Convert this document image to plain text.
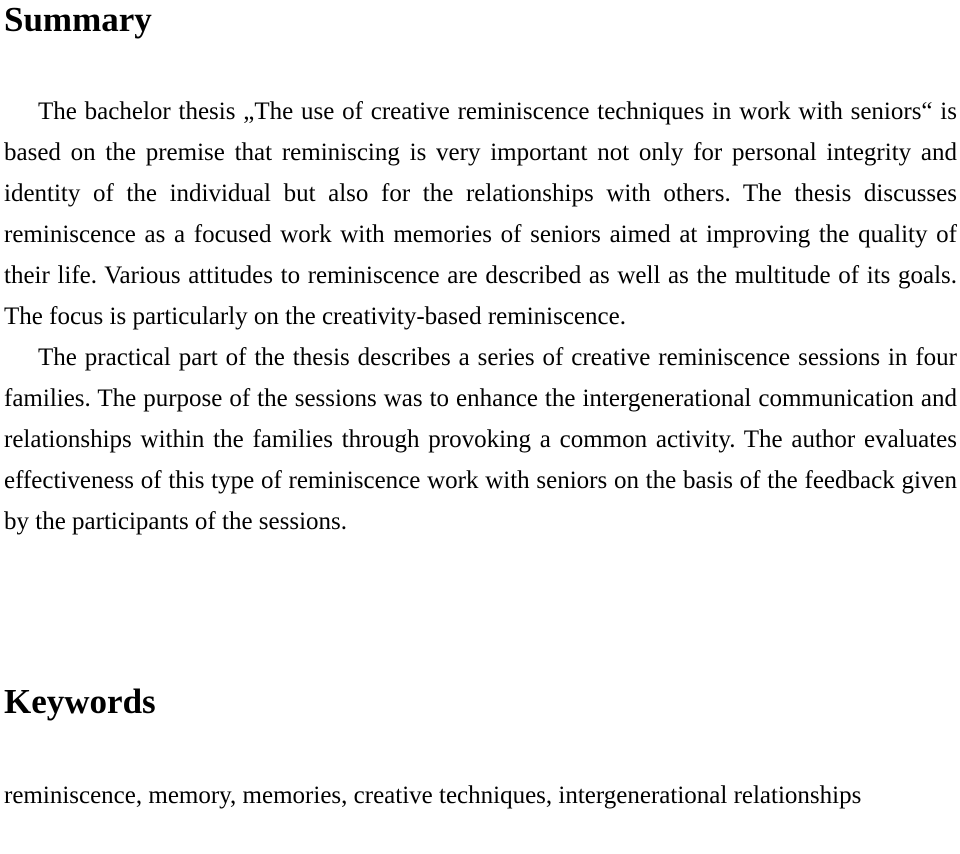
Summary

The bachelor thesis „The use of creative reminiscence techniques in work with seniors“ is based on the premise that reminiscing is very important not only for personal integrity and identity of the individual but also for the relationships with others. The thesis discusses reminiscence as a focused work with memories of seniors aimed at improving the quality of their life. Various attitudes to reminiscence are described as well as the multitude of its goals. The focus is particularly on the creativity-based reminiscence.

The practical part of the thesis describes a series of creative reminiscence sessions in four families. The purpose of the sessions was to enhance the intergenerational communication and relationships within the families through provoking a common activity. The author evaluates effectiveness of this type of reminiscence work with seniors on the basis of the feedback given by the participants of the sessions.

Keywords

reminiscence, memory, memories, creative techniques, intergenerational relationships
